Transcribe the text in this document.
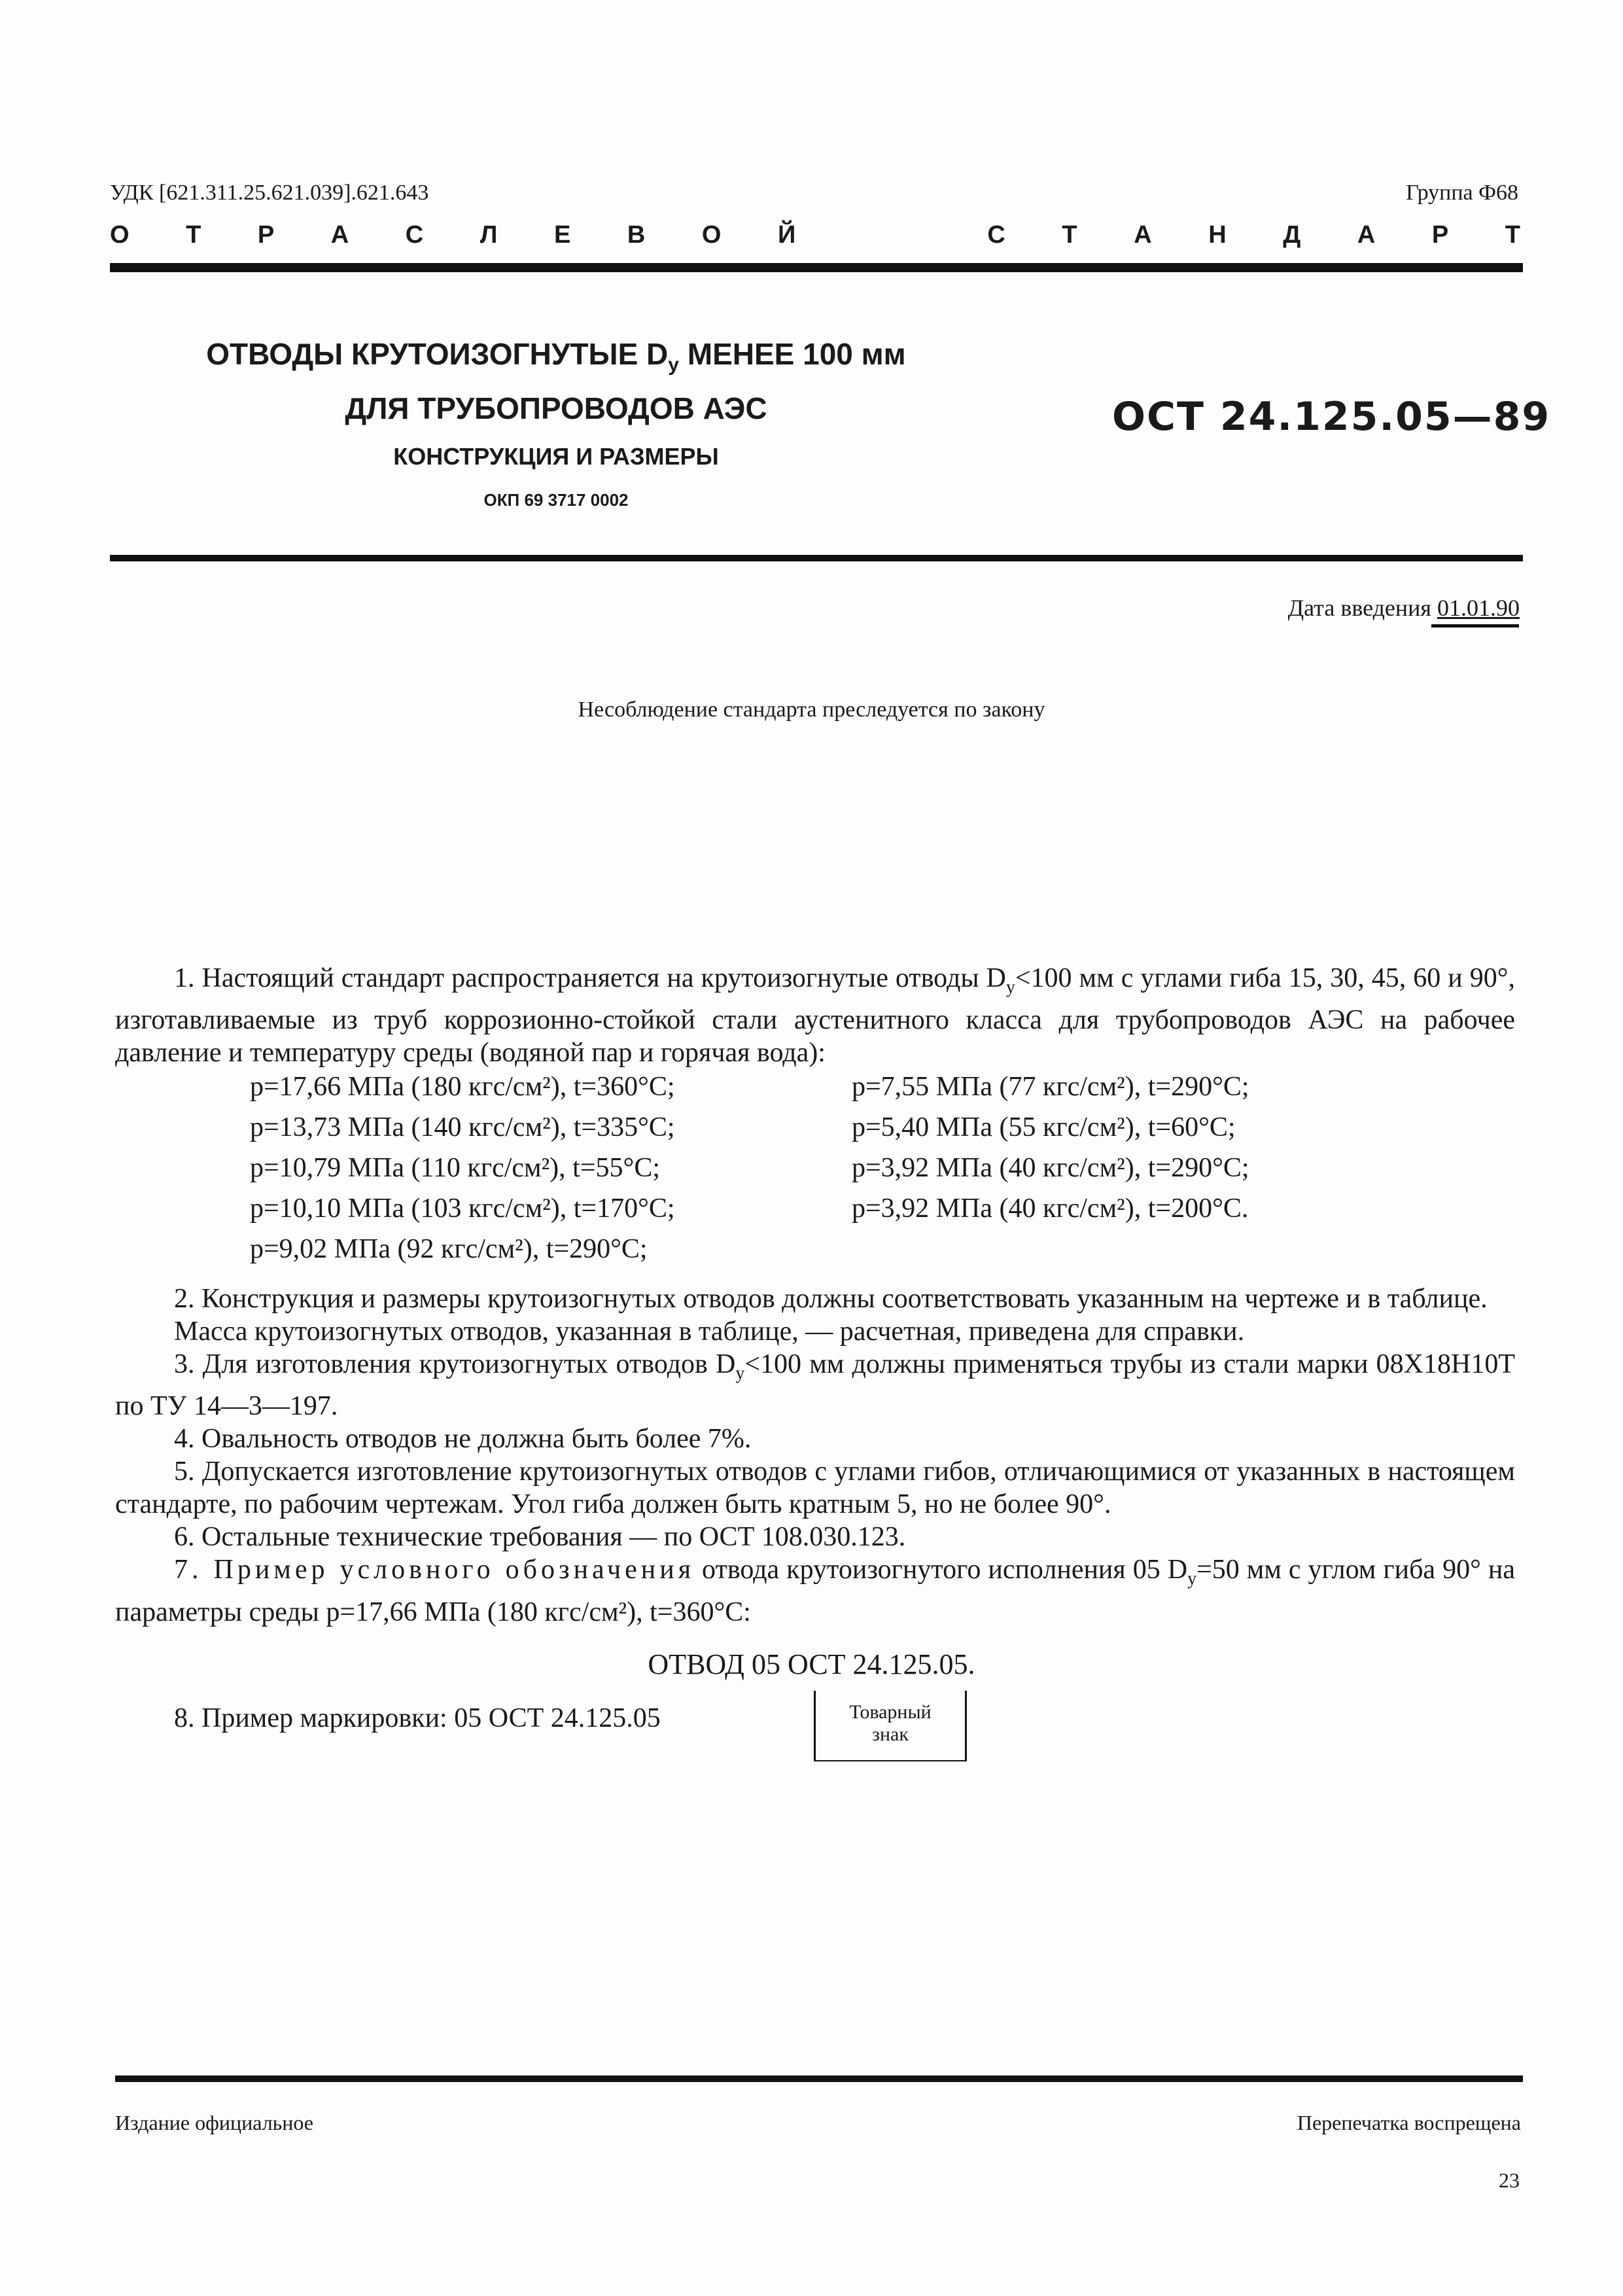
УДК [621.311.25.621.039].621.643	Группа Ф68
О Т Р А С Л Е В О Й	С Т А Н Д А Р Т
ОТВОДЫ КРУТОИЗОГНУТЫЕ $D_у$ МЕНЕЕ 100 мм
ДЛЯ ТРУБОПРОВОДОВ АЭС
КОНСТРУКЦИЯ И РАЗМЕРЫ
ОКП 69 3717 0002
ОСТ 24.125.05—89
Дата введения 01.01.90
Несоблюдение стандарта преследуется по закону

1. Настоящий стандарт распространяется на крутоизогнутые отводы $D_у<100$ мм с углами гиба 15, 30, 45, 60 и 90°, изготавливаемые из труб коррозионно-стойкой стали аустенитного класса для трубопроводов АЭС на рабочее давление и температуру среды (водяной пар и горячая вода):

p=17,66 МПа (180 кгс/см²), t=360°C;	p=7,55 МПа (77 кгс/см²), t=290°C;
p=13,73 МПа (140 кгс/см²), t=335°C;	p=5,40 МПа (55 кгс/см²), t=60°C;
p=10,79 МПа (110 кгс/см²), t=55°C;	p=3,92 МПа (40 кгс/см²), t=290°C;
p=10,10 МПа (103 кгс/см²), t=170°C;	p=3,92 МПа (40 кгс/см²), t=200°C.
p=9,02 МПа (92 кгс/см²), t=290°C;

2. Конструкция и размеры крутоизогнутых отводов должны соответствовать указанным на чертеже и в таблице.

Масса крутоизогнутых отводов, указанная в таблице, — расчетная, приведена для справки.

3. Для изготовления крутоизогнутых отводов $D_у<100$ мм должны применяться трубы из стали марки 08Х18Н10Т по ТУ 14—3—197.

4. Овальность отводов не должна быть более 7%.

5. Допускается изготовление крутоизогнутых отводов с углами гибов, отличающимися от указанных в настоящем стандарте, по рабочим чертежам. Угол гиба должен быть кратным 5, но не более 90°.

6. Остальные технические требования — по ОСТ 108.030.123.

7. Пример условного обозначения отвода крутоизогнутого исполнения 05 $D_у=50$ мм с углом гиба 90° на параметры среды p=17,66 МПа (180 кгс/см²), t=360°С:

ОТВОД 05 ОСТ 24.125.05.
8. Пример маркировки: 05 ОСТ 24.125.05	Товарный
знак
Издание официальное	Перепечатка воспрещена
23
